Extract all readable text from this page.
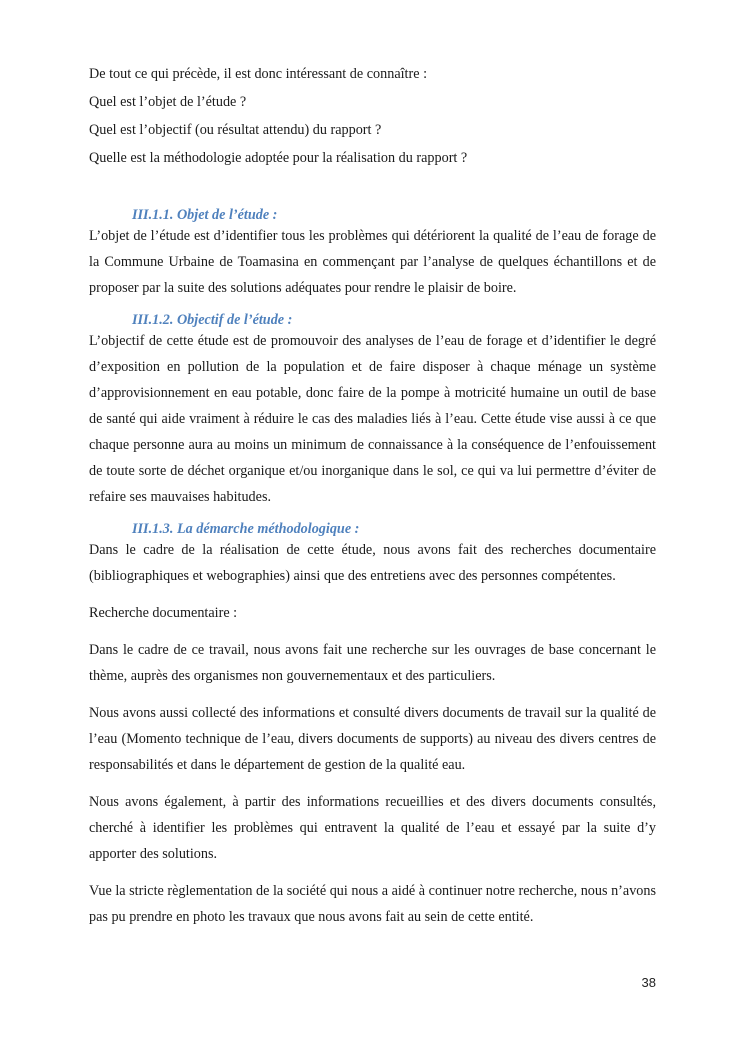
De tout ce qui précède, il est donc intéressant de connaître :

Quel est l’objet de l’étude ?

Quel est l’objectif (ou résultat attendu) du rapport ?

Quelle est la méthodologie adoptée pour la réalisation du rapport ?

III.1.1. Objet de l’étude :

L’objet de l’étude est d’identifier tous les problèmes qui détériorent la qualité de l’eau de forage de la Commune Urbaine de Toamasina en commençant par l’analyse de quelques échantillons et de proposer par la suite des solutions adéquates pour rendre le plaisir de boire.

III.1.2. Objectif de l’étude :

L’objectif de cette étude est de promouvoir des analyses de l’eau de forage et d’identifier le degré d’exposition en pollution de la population et de faire disposer à chaque ménage un système d’approvisionnement en eau potable, donc faire de la pompe à motricité humaine un outil de base de santé qui aide vraiment à réduire le cas des maladies liés à l’eau. Cette étude vise aussi à ce que chaque personne aura au moins un minimum de connaissance à la conséquence de l’enfouissement de toute sorte de déchet organique et/ou inorganique dans le sol, ce qui va lui permettre d’éviter de refaire ses mauvaises habitudes.

III.1.3. La démarche méthodologique :

Dans le cadre de la réalisation de cette étude, nous avons fait des recherches documentaire (bibliographiques et webographies) ainsi que des entretiens avec des personnes compétentes.

Recherche documentaire :

Dans le cadre de ce travail, nous avons fait une recherche sur les ouvrages de base concernant le thème, auprès des organismes non gouvernementaux et des particuliers.

Nous avons aussi collecté des informations et consulté divers documents de travail sur la qualité de l’eau (Momento technique de l’eau, divers documents de supports) au niveau des divers centres de responsabilités et dans le département de gestion de la qualité eau.

Nous avons également, à partir des informations recueillies et des divers documents consultés, cherché à identifier les problèmes qui entravent la qualité de l’eau et essayé par la suite d’y apporter des solutions.

Vue la stricte règlementation de la société qui nous a aidé à continuer notre recherche, nous n’avons pas pu prendre en photo les travaux que nous avons fait au sein de cette entité.

38
